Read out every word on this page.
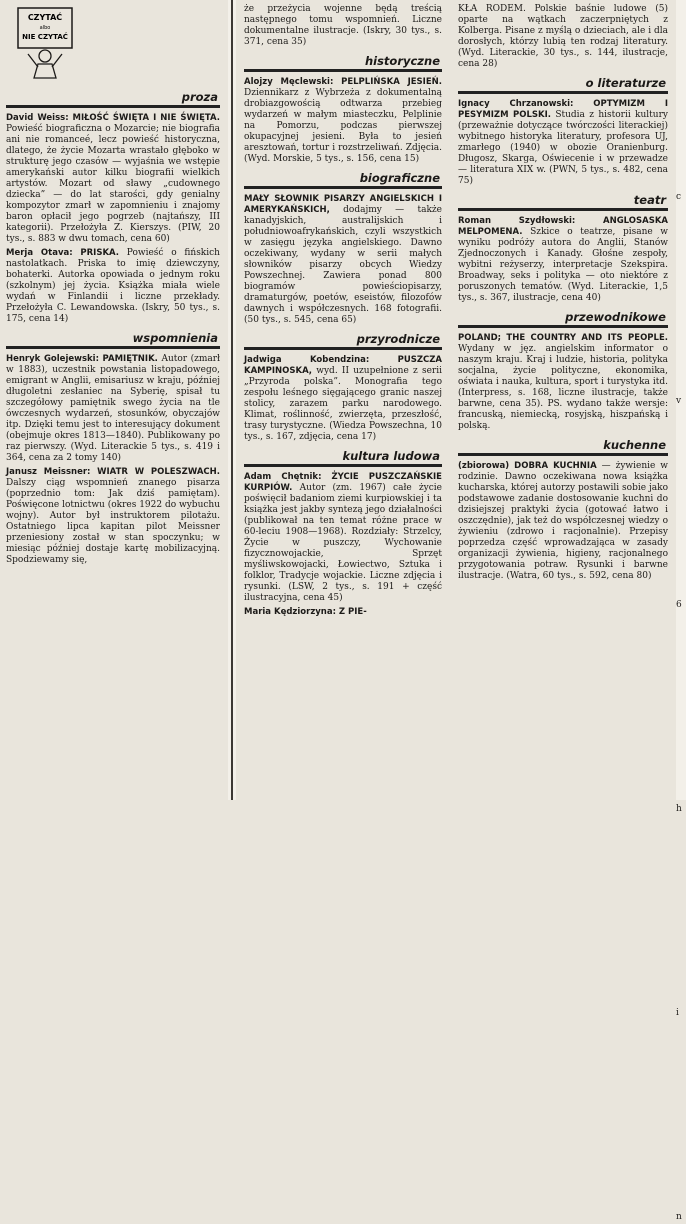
c
v
6
h
i
n
CZYTAĆ
albo
NIE CZYTAĆ
proza

David Weiss: MIŁOŚĆ ŚWIĘTA I NIE ŚWIĘTA. Powieść biograficzna o Mozarcie; nie biografia ani nie romanceé, lecz powieść historyczna, dlatego, że życie Mozarta wrastało głęboko w strukturę jego czasów — wyjaśnia we wstępie amerykański autor kilku biografii wielkich artystów. Mozart od sławy „cudownego dziecka” — do lat starości, gdy genialny kompozytor zmarł w zapomnieniu i znajomy baron opłacił jego pogrzeb (najtańszy, III kategorii). Przełożyła Z. Kierszys. (PIW, 20 tys., s. 883 w dwu tomach, cena 60)

Merja Otava: PRISKA. Powieść o fińskich nastolatkach. Priska to imię dziewczyny, bohaterki. Autorka opowiada o jednym roku (szkolnym) jej życia. Książka miała wiele wydań w Finlandii i liczne przekłady. Przełożyła C. Lewandowska. (Iskry, 50 tys., s. 175, cena 14)

wspomnienia

Henryk Golejewski: PAMIĘTNIK. Autor (zmarł w 1883), uczestnik powstania listopadowego, emigrant w Anglii, emisariusz w kraju, później długoletni zesłaniec na Syberię, spisał tu szczegółowy pamiętnik swego życia na tle ówczesnych wydarzeń, stosunków, obyczajów itp. Dzięki temu jest to interesujący dokument (obejmuje okres 1813—1840). Publikowany po raz pierwszy. (Wyd. Literackie 5 tys., s. 419 i 364, cena za 2 tomy 140)

Janusz Meissner: WIATR W POLESZWACH. Dalszy ciąg wspomnień znanego pisarza (poprzednio tom: Jak dziś pamiętam). Poświęcone lotnictwu (okres 1922 do wybuchu wojny). Autor był instruktorem pilotażu. Ostatniego lipca kapitan pilot Meissner przeniesiony został w stan spoczynku; w miesiąc później dostaje kartę mobilizacyjną. Spodziewamy się,

że przeżycia wojenne będą treścią następnego tomu wspomnień. Liczne dokumentalne ilustracje. (Iskry, 30 tys., s. 371, cena 35)

historyczne

Alojzy Męclewski: PELPLIŃSKA JESIEŃ. Dziennikarz z Wybrzeża z dokumentalną drobiazgowością odtwarza przebieg wydarzeń w małym miasteczku, Pelplinie na Pomorzu, podczas pierwszej okupacyjnej jesieni. Była to jesień aresztowań, tortur i rozstrzeliwań. Zdjęcia. (Wyd. Morskie, 5 tys., s. 156, cena 15)

biograficzne

MAŁY SŁOWNIK PISARZY ANGIELSKICH I AMERYKAŃSKICH, dodajmy — także kanadyjskich, australijskich i południowoafrykańskich, czyli wszystkich w zasięgu języka angielskiego. Dawno oczekiwany, wydany w serii małych słowników pisarzy obcych Wiedzy Powszechnej. Zawiera ponad 800 biogramów powieściopisarzy, dramaturgów, poetów, eseistów, filozofów dawnych i współczesnych. 168 fotografii. (50 tys., s. 545, cena 65)

przyrodnicze

Jadwiga Kobendzina:	PUSZCZA KAMPINOSKA, wyd. II uzupełnione z serii „Przyroda polska”. Monografia tego zespołu leśnego sięgającego granic naszej stolicy, zarazem parku narodowego. Klimat, roślinność, zwierzęta, przeszłość, trasy turystyczne. (Wiedza Powszechna, 10 tys., s. 167, zdjęcia, cena 17)

kultura ludowa

Adam Chętnik: ŻYCIE PUSZCZAŃSKIE KURPIÓW. Autor (zm. 1967) całe życie poświęcił badaniom ziemi kurpiowskiej i ta książka jest jakby syntezą jego działalności (publikował na ten temat różne prace w 60-leciu 1908—1968). Rozdziały: Strzelcy, Życie w puszczy, Wychowanie fizycznowojackie, Sprzęt myśliwskowojacki, Łowiectwo, Sztuka i folklor, Tradycje wojackie. Liczne zdjęcia i rysunki. (LSW, 2 tys., s. 191 + część ilustracyjna, cena 45)

Maria Kędziorzyna: Z PIE-

KŁA RODEM. Polskie baśnie ludowe (5) oparte na wątkach zaczerpniętych z Kolberga. Pisane z myślą o dzieciach, ale i dla dorosłych, którzy lubią ten rodzaj literatury. (Wyd. Literackie, 30 tys., s. 144, ilustracje, cena 28)

o literaturze

Ignacy Chrzanowski: OPTYMIZM I PESYMIZM POLSKI. Studia z historii kultury (przeważnie dotyczące twórczości literackiej) wybitnego historyka literatury, profesora UJ, zmarłego (1940) w obozie Oranienburg. Długosz, Skarga, Oświecenie i w przewadze — literatura XIX w. (PWN, 5 tys., s. 482, cena 75)

teatr

Roman Szydłowski:	ANGLOSASKA MELPOMENA. Szkice o teatrze, pisane w wyniku podróży autora do Anglii, Stanów Zjednoczonych i Kanady. Głośne zespoły, wybitni reżyserzy, interpretacje Szekspira. Broadway, seks i polityka — oto niektóre z poruszonych tematów. (Wyd. Literackie, 1,5 tys., s. 367, ilustracje, cena 40)

przewodnikowe

POLAND; THE COUNTRY AND ITS PEOPLE. Wydany w jęz. angielskim informator o naszym kraju. Kraj i ludzie, historia, polityka socjalna, życie polityczne, ekonomika, oświata i nauka, kultura, sport i turystyka itd. (Interpress, s. 168, liczne ilustracje, także barwne, cena 35). PS. wydano także wersje: francuską, niemiecką, rosyjską, hiszpańską i polską.

kuchenne

(zbiorowa) DOBRA KUCHNIA — żywienie w rodzinie. Dawno oczekiwana nowa książka kucharska, której autorzy postawili sobie jako podstawowe zadanie dostosowanie kuchni do dzisiejszej praktyki życia (gotować łatwo i oszczędnie), jak też do współczesnej wiedzy o żywieniu (zdrowo i racjonalnie). Przepisy poprzedza część wprowadzająca w zasady organizacji żywienia, higieny, racjonalnego przygotowania potraw. Rysunki i barwne ilustracje. (Watra, 60 tys., s. 592, cena 80)
